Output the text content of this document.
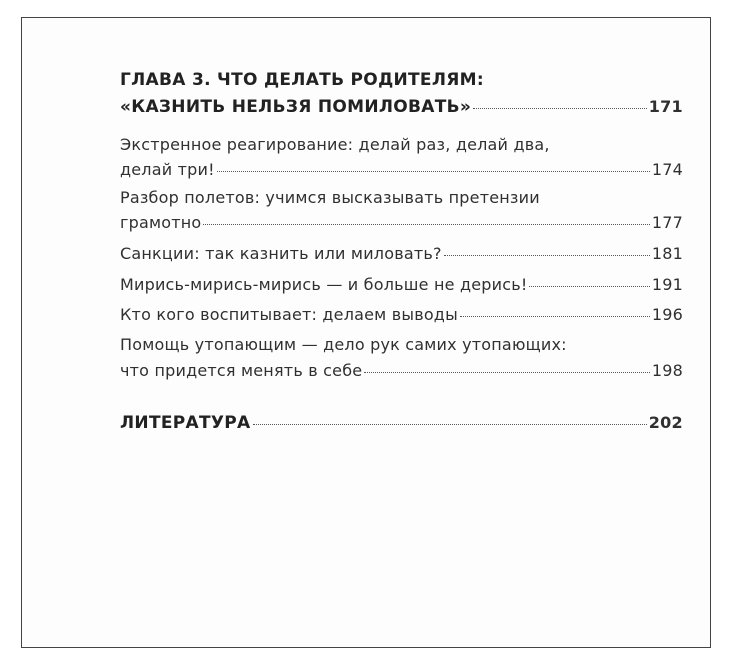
ГЛАВА 3. ЧТО ДЕЛАТЬ РОДИТЕЛЯМ:
«КАЗНИТЬ НЕЛЬЗЯ ПОМИЛОВАТЬ»	171
Экстренное реагирование: делай раз, делай два,
делай три!	174
Разбор полетов: учимся высказывать претензии
грамотно	177
Санкции: так казнить или миловать?	181
Мирись-мирись-мирись — и больше не дерись!	191
Кто кого воспитывает: делаем выводы	196
Помощь утопающим — дело рук самих утопающих:
что придется менять в себе	198
ЛИТЕРАТУРА	202
